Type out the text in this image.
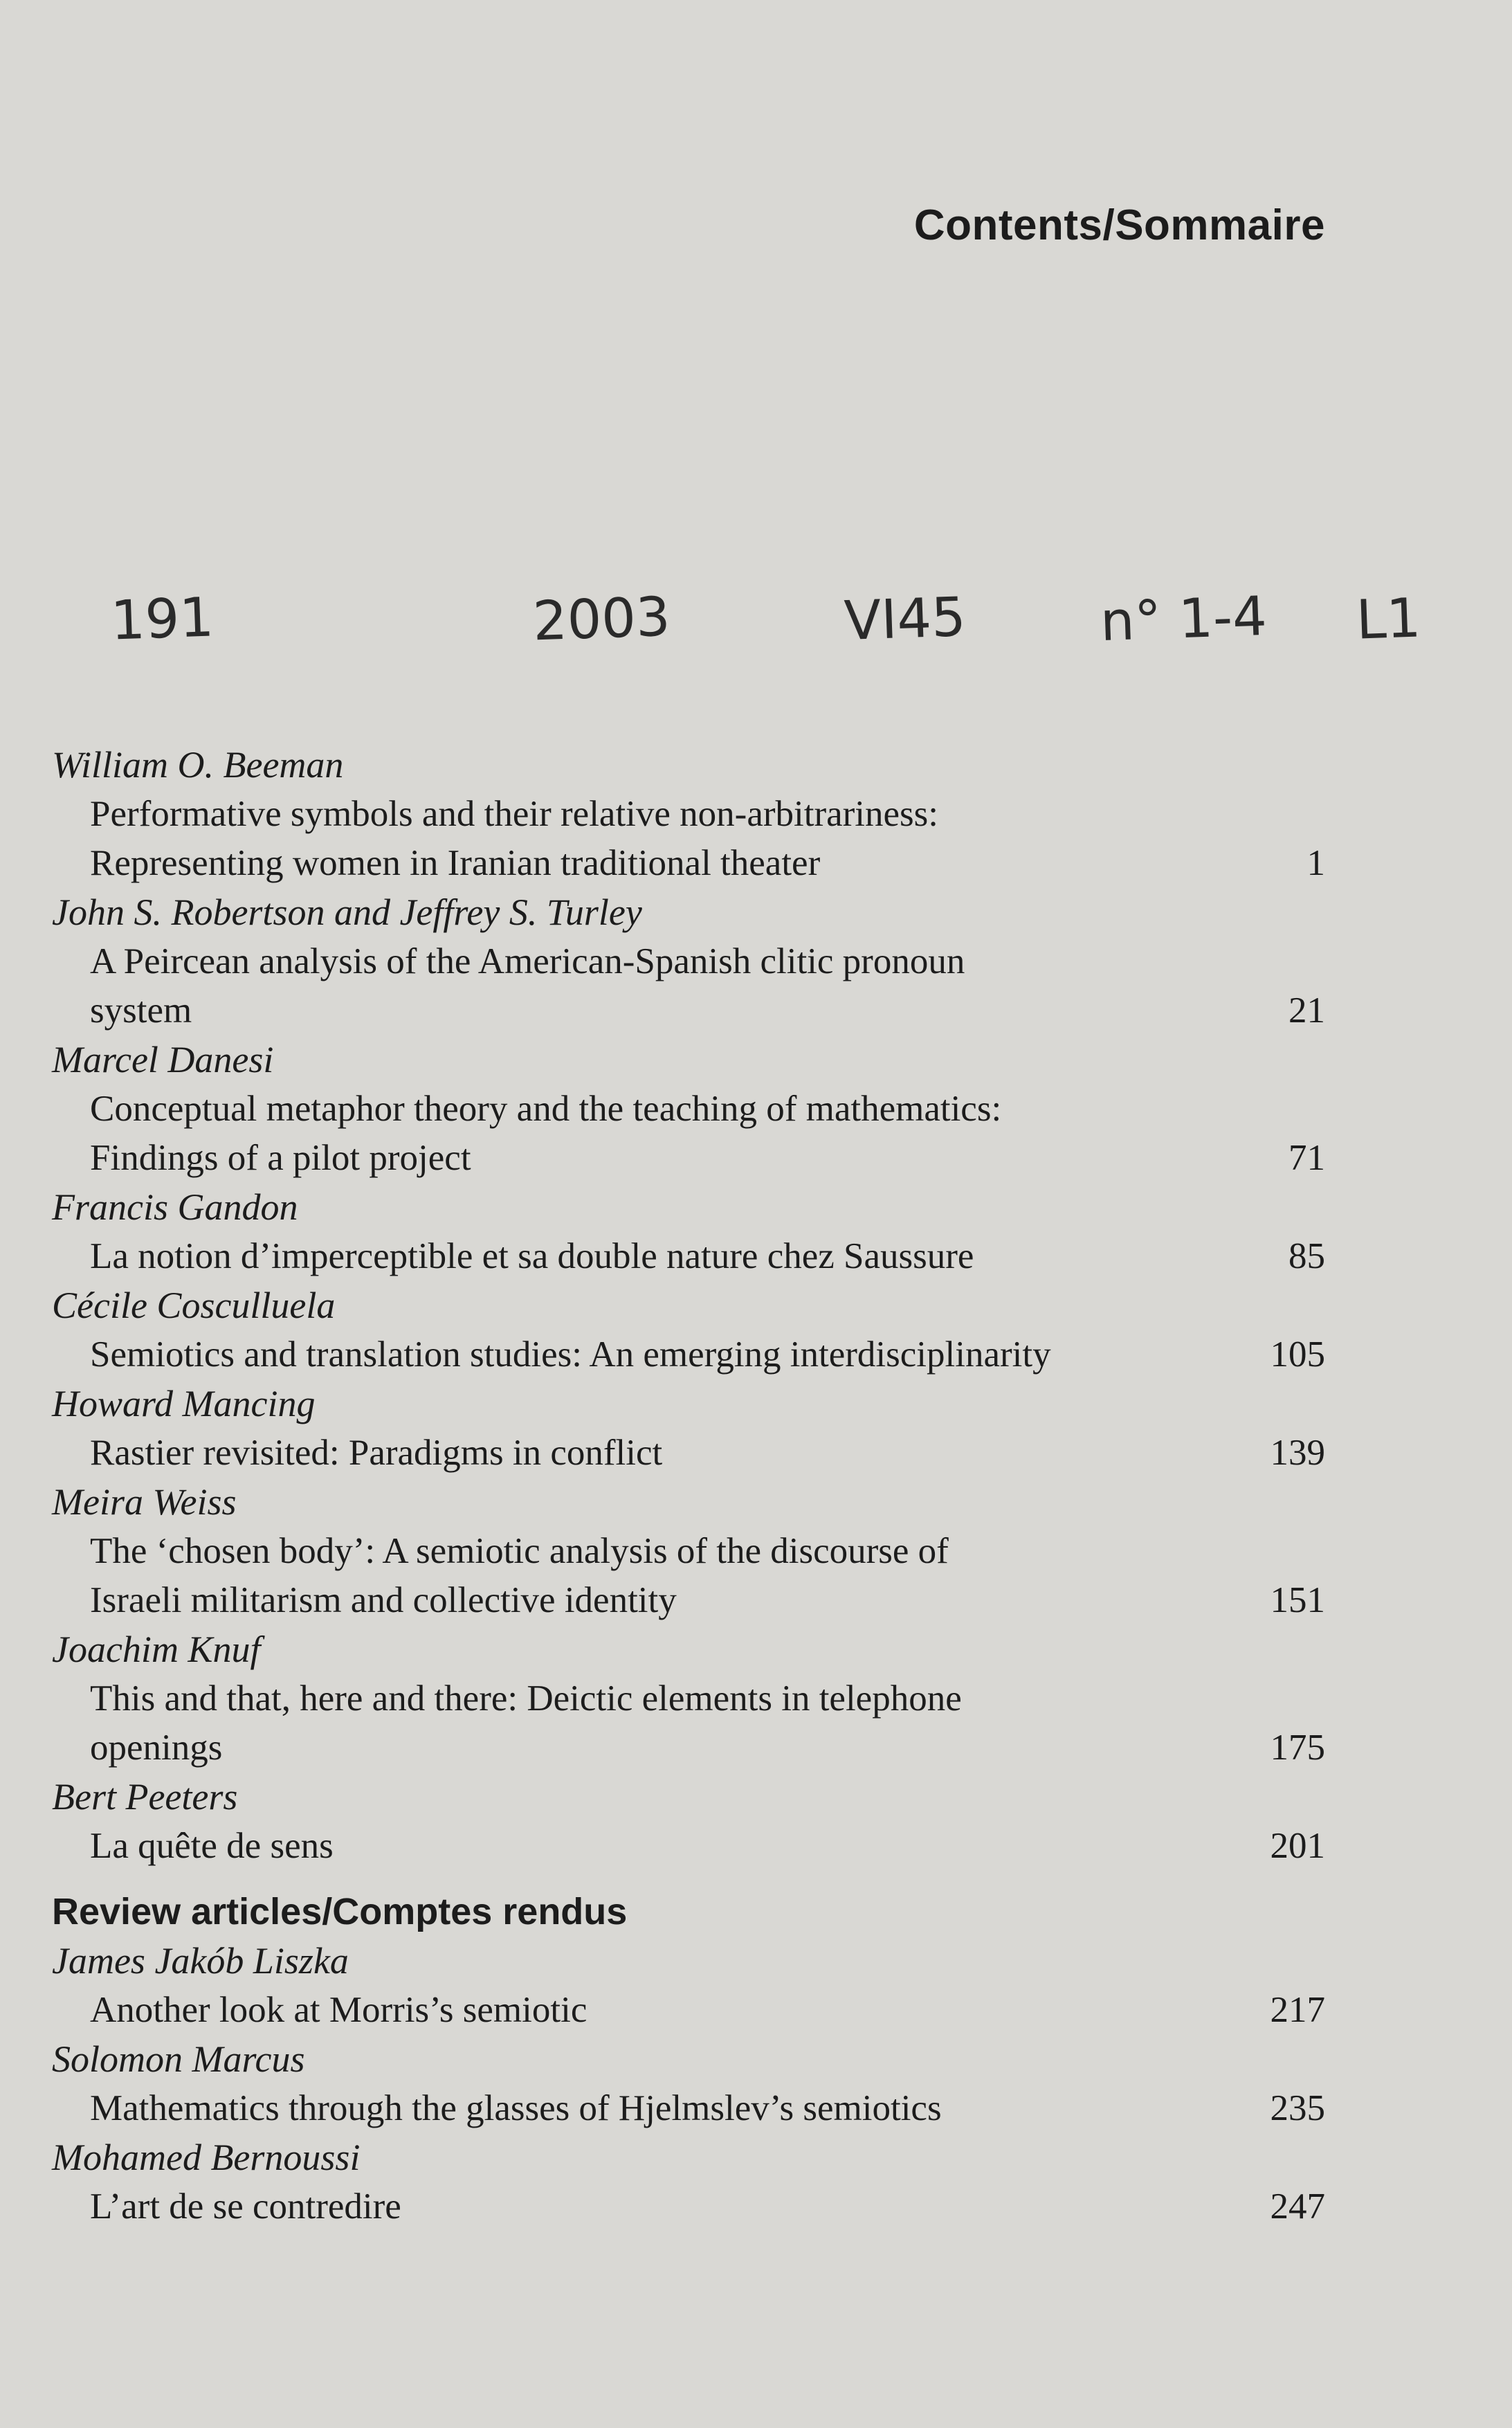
Contents/Sommaire
191	2003	VI45 n° 1-4 L1
William O. Beeman
Performative symbols and their relative non-arbitrariness:
Representing women in Iranian traditional theater	1
John S. Robertson and Jeffrey S. Turley
A Peircean analysis of the American-Spanish clitic pronoun
system	21
Marcel Danesi
Conceptual metaphor theory and the teaching of mathematics:
Findings of a pilot project	71
Francis Gandon
La notion d’imperceptible et sa double nature chez Saussure	85
Cécile Cosculluela
Semiotics and translation studies: An emerging interdisciplinarity	105
Howard Mancing
Rastier revisited: Paradigms in conflict	139
Meira Weiss
The ‘chosen body’: A semiotic analysis of the discourse of
Israeli militarism and collective identity	151
Joachim Knuf
This and that, here and there: Deictic elements in telephone
openings	175
Bert Peeters
La quête de sens	201
Review articles/Comptes rendus
James Jakób Liszka
Another look at Morris’s semiotic	217
Solomon Marcus
Mathematics through the glasses of Hjelmslev’s semiotics	235
Mohamed Bernoussi
L’art de se contredire	247
